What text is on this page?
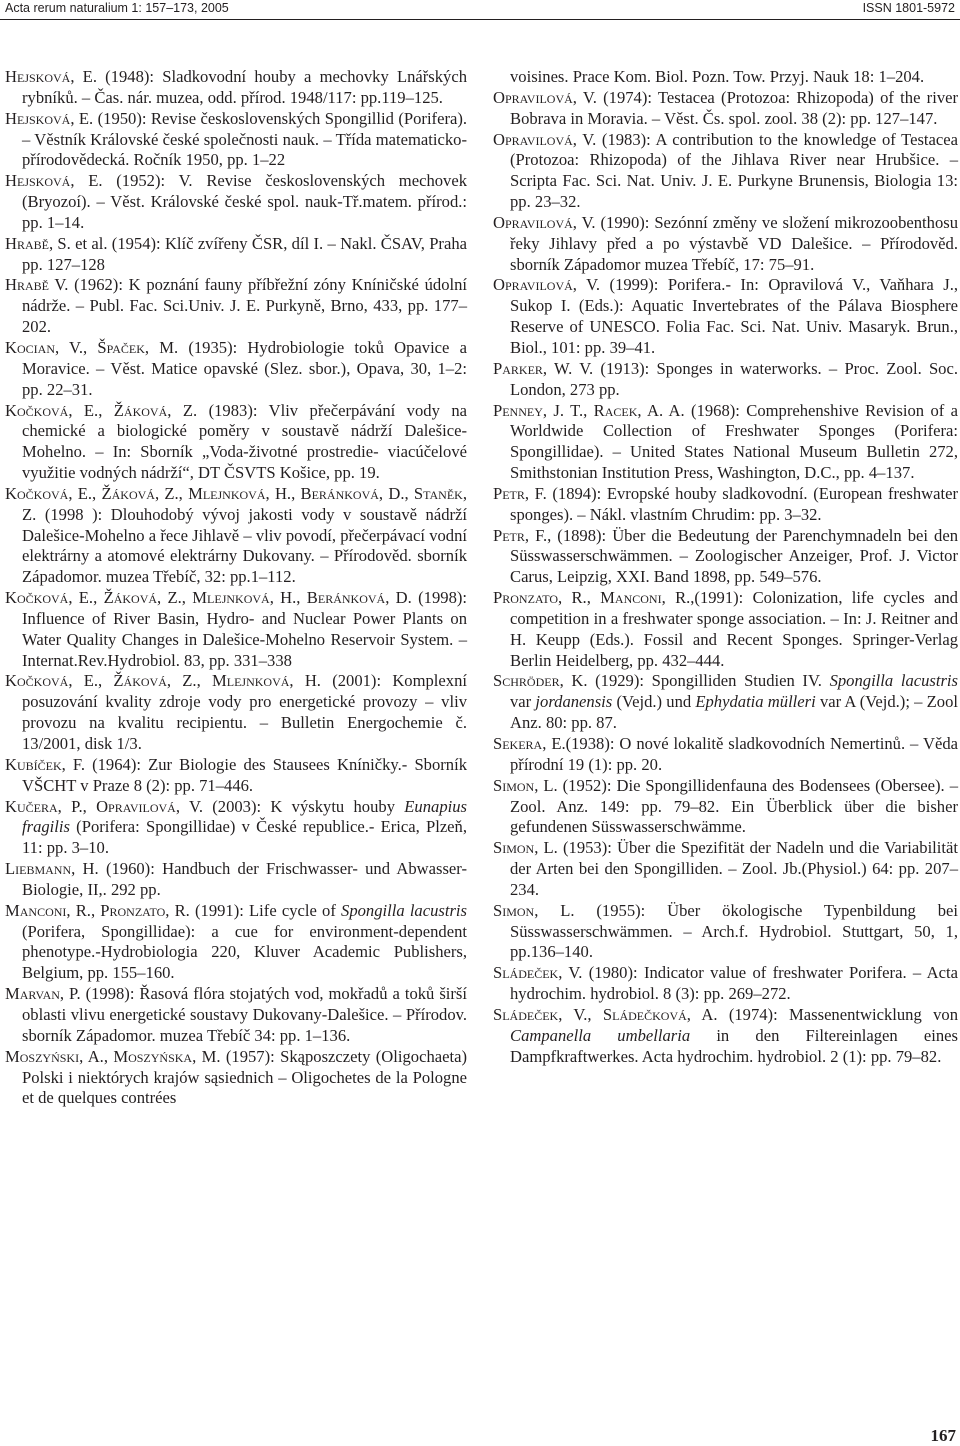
Acta rerum naturalium 1: 157–173, 2005	ISSN 1801-5972

Hejsková, E. (1948): Sladkovodní houby a mechovky Lnářských rybníků. – Čas. nár. muzea, odd. přírod. 1948/117: pp.119–125.

Hejsková, E. (1950): Revise československých Spongillid (Porifera). – Věstník Královské české společnosti nauk. – Třída matematicko-přírodovědecká. Ročník 1950, pp. 1–22

Hejsková, E. (1952): V. Revise československých mechovek (Bryozoí). – Věst. Královské české spol. nauk-Tř.matem. přírod.: pp. 1–14.

Hrabě, S. et al. (1954): Klíč zvířeny ČSR, díl I. – Nakl. ČSAV, Praha pp. 127–128

Hrabě V. (1962): K poznání fauny příbřežní zóny Kníničské údolní nádrže. – Publ. Fac. Sci.Univ. J. E. Purkyně, Brno, 433, pp. 177–202.

Kocian, V., Špaček, M. (1935): Hydrobiologie toků Opavice a Moravice. – Věst. Matice opavské (Slez. sbor.), Opava, 30, 1–2: pp. 22–31.

Kočková, E., Žáková, Z. (1983): Vliv přečerpávání vody na chemické a biologické poměry v soustavě nádrží Dalešice-Mohelno. – In: Sborník „Voda-životné prostredie- viacúčelové využitie vodných nádrží“, DT ČSVTS Košice, pp. 19.

Kočková, E., Žáková, Z., Mlejnková, H., Beránková, D., Staněk, Z. (1998 ): Dlouhodobý vývoj jakosti vody v soustavě nádrží Dalešice-Mohelno a řece Jihlavě – vliv povodí, přečerpávací vodní elektrárny a atomové elektrárny Dukovany. – Přírodověd. sborník Západomor. muzea Třebíč, 32: pp.1–112.

Kočková, E., Žáková, Z., Mlejnková, H., Beránková, D. (1998): Influence of River Basin, Hydro- and Nuclear Power Plants on Water Quality Changes in Dalešice-Mohelno Reservoir System. – Internat.Rev.Hydrobiol. 83, pp. 331–338

Kočková, E., Žáková, Z., Mlejnková, H. (2001): Komplexní posuzování kvality zdroje vody pro energetické provozy – vliv provozu na kvalitu recipientu. – Bulletin Energochemie č. 13/2001, disk 1/3.

Kubíček, F. (1964): Zur Biologie des Stausees Kníničky.- Sborník VŠCHT v Praze 8 (2): pp. 71–446.

Kučera, P., Opravilová, V. (2003): K výskytu houby Eunapius fragilis (Porifera: Spongillidae) v České republice.- Erica, Plzeň, 11: pp. 3–10.

Liebmann, H. (1960): Handbuch der Frischwasser- und Abwasser-Biologie, II,. 292 pp.

Manconi, R., Pronzato, R. (1991): Life cycle of Spongilla lacustris (Porifera, Spongillidae): a cue for environment-dependent phenotype.-Hydrobiologia 220, Kluver Academic Publishers, Belgium, pp. 155–160.

Marvan, P. (1998): Řasová flóra stojatých vod, mokřadů a toků širší oblasti vlivu energetické soustavy Dukovany-Dalešice. – Přírodov. sborník Západomor. muzea Třebíč 34: pp. 1–136.

Moszyński, A., Moszyńska, M. (1957): Skąposzczety (Oligochaeta) Polski i niektórych krajów sąsiednich – Oligochetes de la Pologne et de quelques contrées

voisines. Prace Kom. Biol. Pozn. Tow. Przyj. Nauk 18: 1–204.

Opravilová, V. (1974): Testacea (Protozoa: Rhizopoda) of the river Bobrava in Moravia. – Věst. Čs. spol. zool. 38 (2): pp. 127–147.

Opravilová, V. (1983): A contribution to the knowledge of Testacea (Protozoa: Rhizopoda) of the Jihlava River near Hrubšice. – Scripta Fac. Sci. Nat. Univ. J. E. Purkyne Brunensis, Biologia 13: pp. 23–32.

Opravilová, V. (1990): Sezónní změny ve složení mikrozoobenthosu řeky Jihlavy před a po výstavbě VD Dalešice. – Přírodověd. sborník Západomor muzea Třebíč, 17: 75–91.

Opravilová, V. (1999): Porifera.- In: Opravilová V., Vaňhara J., Sukop I. (Eds.): Aquatic Invertebrates of the Pálava Biosphere Reserve of UNESCO. Folia Fac. Sci. Nat. Univ. Masaryk. Brun., Biol., 101: pp. 39–41.

Parker, W. V. (1913): Sponges in waterworks. – Proc. Zool. Soc. London, 273 pp.

Penney, J. T., Racek, A. A. (1968): Comprehenshive Revision of a Worldwide Collection of Freshwater Sponges (Porifera: Spongillidae). – United States National Museum Bulletin 272, Smithstonian Institution Press, Washington, D.C., pp. 4–137.

Petr, F. (1894): Evropské houby sladkovodní. (European freshwater sponges). – Nákl. vlastním Chrudim: pp. 3–32.

Petr, F., (1898): Über die Bedeutung der Parenchymnadeln bei den Süsswasserschwämmen. – Zoologischer Anzeiger, Prof. J. Victor Carus, Leipzig, XXI. Band 1898, pp. 549–576.

Pronzato, R., Manconi, R.,(1991): Colonization, life cycles and competition in a freshwater sponge association. – In: J. Reitner and H. Keupp (Eds.). Fossil and Recent Sponges. Springer-Verlag Berlin Heidelberg, pp. 432–444.

Schröder, K. (1929): Spongilliden Studien IV. Spongilla lacustris var jordanensis (Vejd.) und Ephydatia mülleri var A (Vejd.); – Zool Anz. 80: pp. 87.

Sekera, E.(1938): O nové lokalitě sladkovodních Nemertinů. – Věda přírodní 19 (1): pp. 20.

Simon, L. (1952): Die Spongillidenfauna des Bodensees (Obersee). – Zool. Anz. 149: pp. 79–82. Ein Überblick über die bisher gefundenen Süsswasserschwämme.

Simon, L. (1953): Über die Spezifität der Nadeln und die Variabilität der Arten bei den Spongilliden. – Zool. Jb.(Physiol.) 64: pp. 207–234.

Simon, L. (1955): Über ökologische Typenbildung bei Süsswasserschwämmen. – Arch.f. Hydrobiol. Stuttgart, 50, 1, pp.136–140.

Sládeček, V. (1980): Indicator value of freshwater Porifera. – Acta hydrochim. hydrobiol. 8 (3): pp. 269–272.

Sládeček, V., Sládečková, A. (1974): Massenentwicklung von Campanella umbellaria in den Filtereinlagen eines Dampfkraftwerkes. Acta hydrochim. hydrobiol. 2 (1): pp. 79–82.

167
